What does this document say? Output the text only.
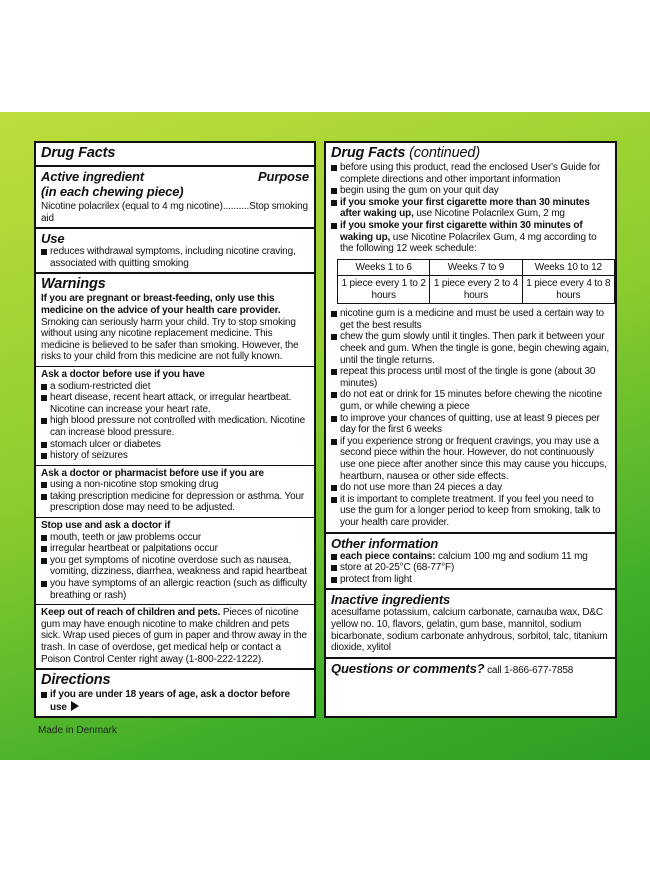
Drug Facts
Active ingredient	Purpose
(in each chewing piece)
Nicotine polacrilex (equal to 4 mg nicotine)..........Stop smoking aid
Use
reduces withdrawal symptoms, including nicotine craving, associated with quitting smoking
Warnings
If you are pregnant or breast-feeding, only use this medicine on the advice of your health care provider. Smoking can seriously harm your child. Try to stop smoking without using any nicotine replacement medicine. This medicine is believed to be safer than smoking. However, the risks to your child from this medicine are not fully known.
Ask a doctor before use if you have
a sodium-restricted diet
heart disease, recent heart attack, or irregular heartbeat. Nicotine can increase your heart rate.
high blood pressure not controlled with medication. Nicotine can increase blood pressure.
stomach ulcer or diabetes
history of seizures
Ask a doctor or pharmacist before use if you are
using a non-nicotine stop smoking drug
taking prescription medicine for depression or asthma. Your prescription dose may need to be adjusted.
Stop use and ask a doctor if
mouth, teeth or jaw problems occur
irregular heartbeat or palpitations occur
you get symptoms of nicotine overdose such as nausea, vomiting, dizziness, diarrhea, weakness and rapid heartbeat
you have symptoms of an allergic reaction (such as difficulty breathing or rash)
Keep out of reach of children and pets. Pieces of nicotine gum may have enough nicotine to make children and pets sick. Wrap used pieces of gum in paper and throw away in the trash. In case of overdose, get medical help or contact a Poison Control Center right away (1-800-222-1222).
Directions
if you are under 18 years of age, ask a doctor before use
Drug Facts (continued)
before using this product, read the enclosed User's Guide for complete directions and other important information
begin using the gum on your quit day
if you smoke your first cigarette more than 30 minutes after waking up, use Nicotine Polacrilex Gum, 2 mg
if you smoke your first cigarette within 30 minutes of waking up, use Nicotine Polacrilex Gum, 4 mg according to the following 12 week schedule:
Weeks 1 to 6	Weeks 7 to 9	Weeks 10 to 12
1 piece every 1 to 2 hours	1 piece every 2 to 4 hours	1 piece every 4 to 8 hours
nicotine gum is a medicine and must be used a certain way to get the best results
chew the gum slowly until it tingles. Then park it between your cheek and gum. When the tingle is gone, begin chewing again, until the tingle returns.
repeat this process until most of the tingle is gone (about 30 minutes)
do not eat or drink for 15 minutes before chewing the nicotine gum, or while chewing a piece
to improve your chances of quitting, use at least 9 pieces per day for the first 6 weeks
if you experience strong or frequent cravings, you may use a second piece within the hour. However, do not continuously use one piece after another since this may cause you hiccups, heartburn, nausea or other side effects.
do not use more than 24 pieces a day
it is important to complete treatment. If you feel you need to use the gum for a longer period to keep from smoking, talk to your health care provider.
Other information
each piece contains: calcium 100 mg and sodium 11 mg
store at 20-25°C (68-77°F)
protect from light
Inactive ingredients
acesulfame potassium, calcium carbonate, carnauba wax, D&C yellow no. 10, flavors, gelatin, gum base, mannitol, sodium bicarbonate, sodium carbonate anhydrous, sorbitol, talc, titanium dioxide, xylitol
Questions or comments? call 1-866-677-7858
Made in Denmark
